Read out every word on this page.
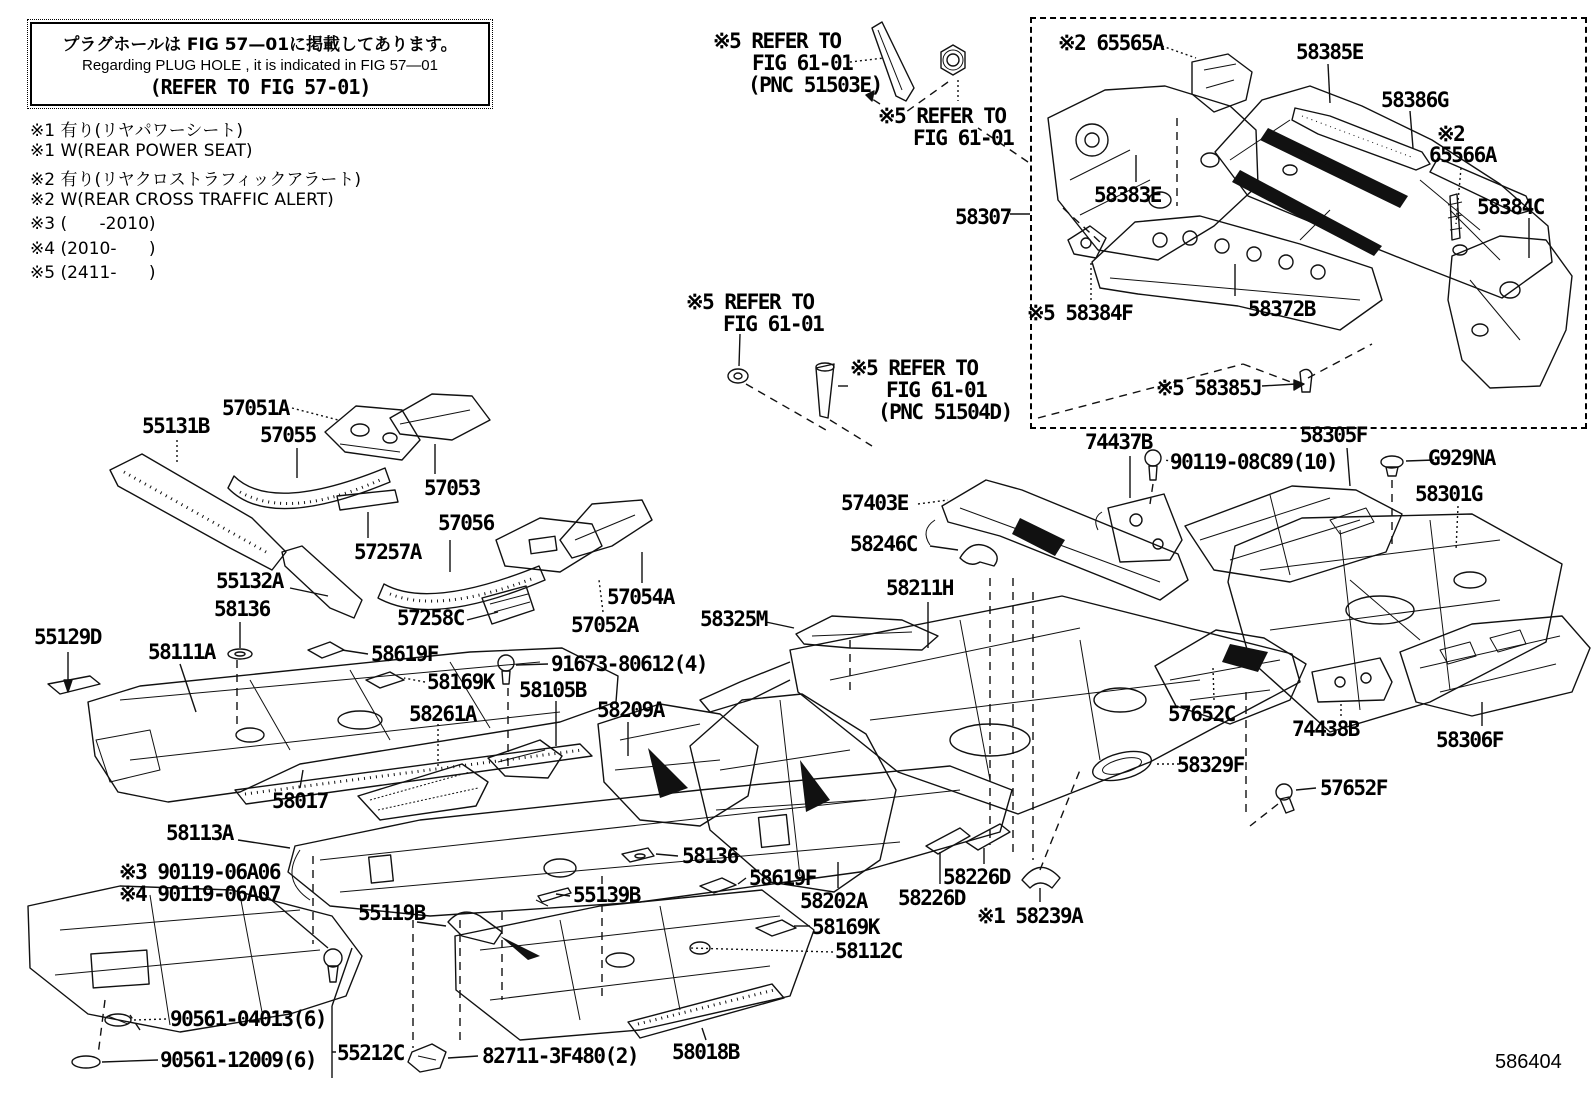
プラグホールは FIG 57—01に掲載してあります。
Regarding PLUG HOLE , it is indicated in FIG 57—01
(REFER TO FIG 57-01)
※1 有り(リヤパワーシート)
※1 W(REAR POWER SEAT)
※2 有り(リヤクロストラフィックアラート)
※2 W(REAR CROSS TRAFFIC ALERT)
※3 (      -2010)
※4 (2010-      )
※5 (2411-      )
※5 REFER TO
FIG 61-01
(PNC 51503E)
※5 REFER TO
FIG 61-01
※2 65565A	58385E
58386G
※2
65566A
58383E	58384C
58307
※5 58384F	58372B
※5 58385J
※5 REFER TO
FIG 61-01
※5 REFER TO
FIG 61-01
(PNC 51504D)
57051A
55131B 57055
57053
57056
57257A
55132A
58136	57258C
57054A
57052A
55129D
58111A	58619F
58169K
91673-80612(4)
58105B
58261A	58209A
58017
58113A
※3 90119-06A06
※4 90119-06A07
55119B
55139B
90561-04013(6)
55212C
90561-12009(6)	82711-3F480(2) 58018B
58136
58619F
58202A 58226D
58226D
※1 58239A
58169K
58112C
58325M
58211H
57403E
58246C
74437B
90119-08C89(10)
58305F
G929NA
58301G
57652C
74438B	58306F
58329F
57652F
586404
